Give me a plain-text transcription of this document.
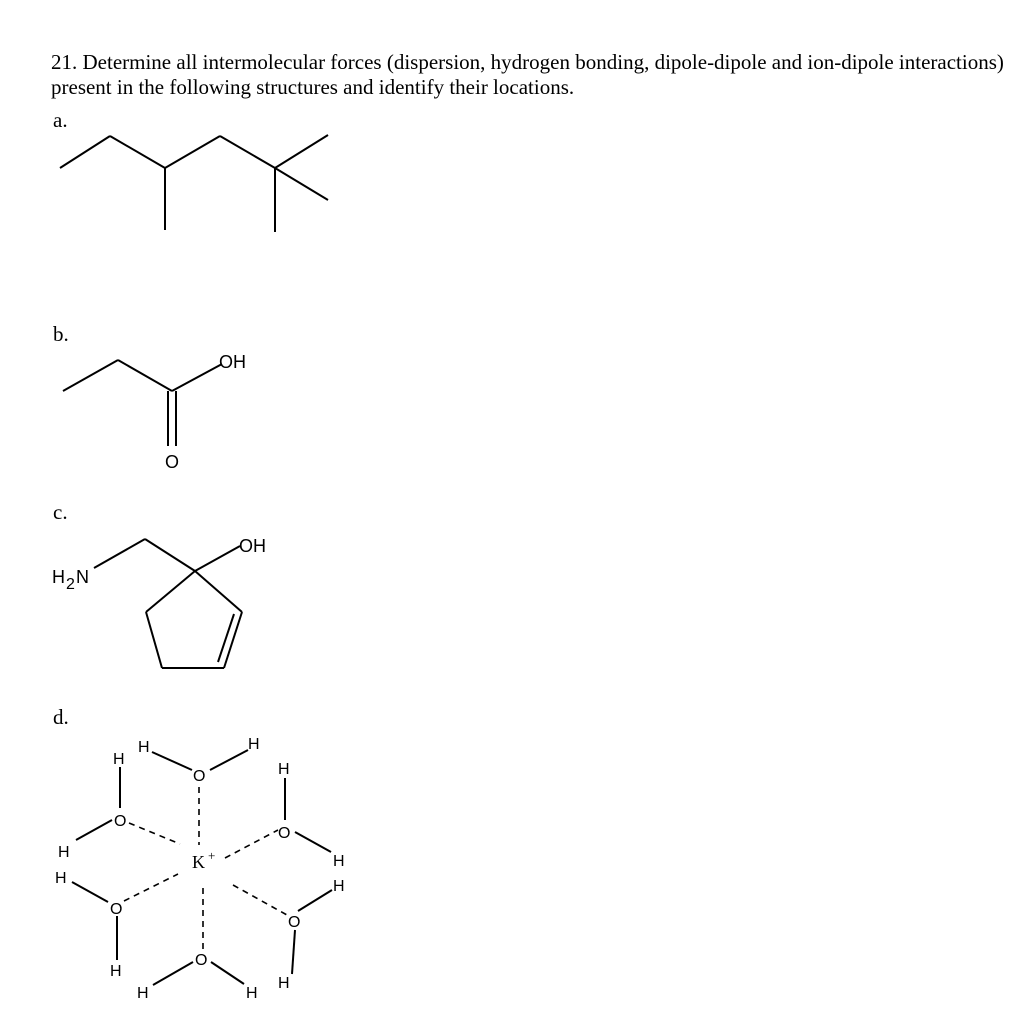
21. Determine all intermolecular forces (dispersion, hydrogen bonding, dipole-dipole and ion-dipole interactions) present in the following structures and identify their locations.
a.
b.
c.
d.
OH
O
H 2 N
OH
K +
O
H	H
O
H
H
O
H
H
O
H
H
O
H
H
O
H	H
